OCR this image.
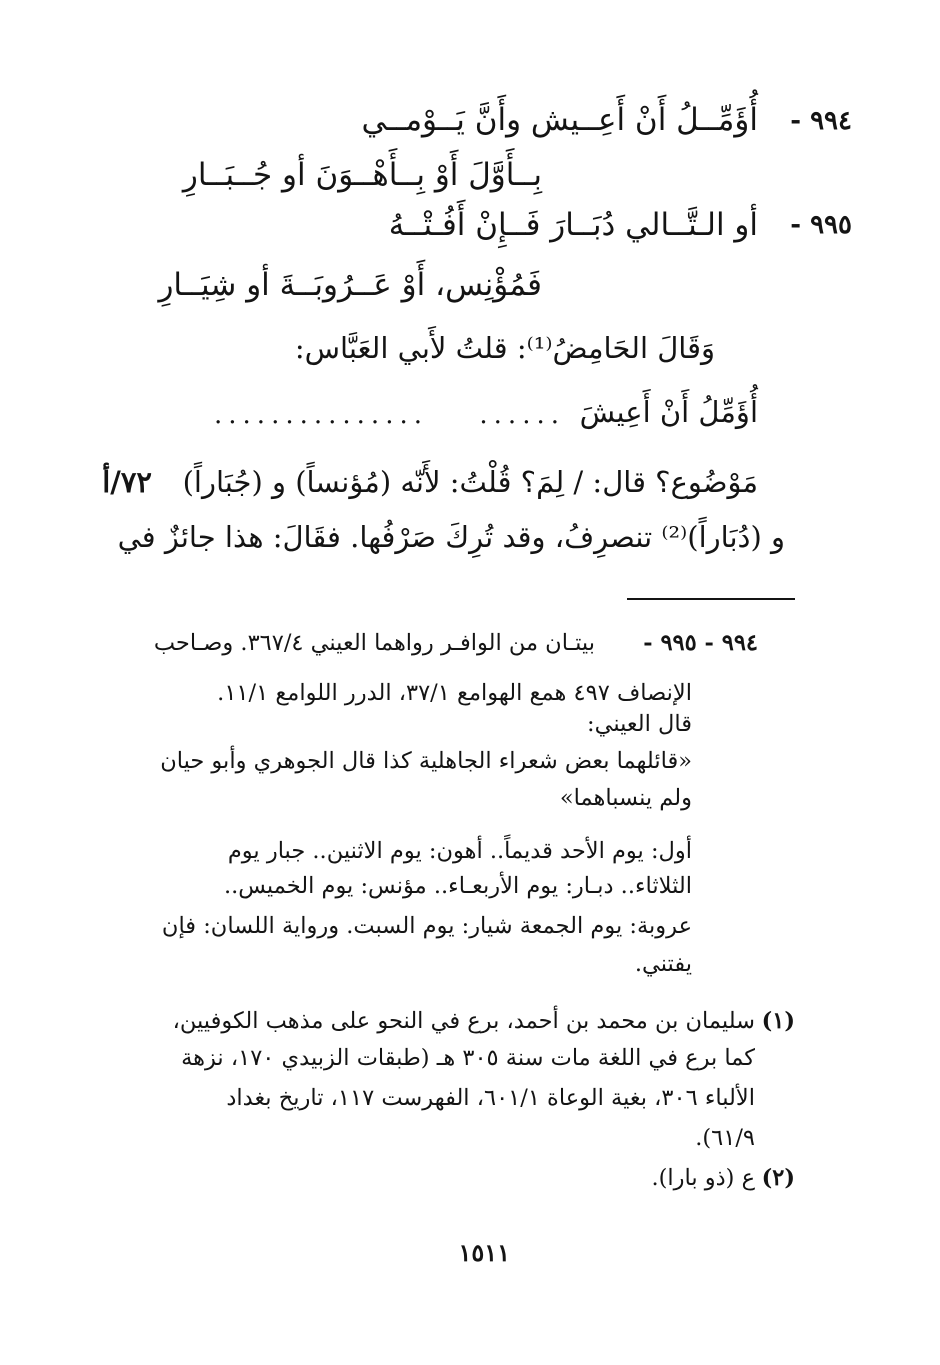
٩٩٤ -
أُؤَمِّــلُ أَنْ أَعِــيش وأَنَّ يَــوْمــي
بِــأَوَّلَ أَوْ بِــأَهْــوَنَ أو جُــبَــارِ
٩٩٥ -
أو الـتَّــالي دُبَــارَ فَــإِنْ أَفُـتْــهُ
فَمُؤْنِس، أَوْ عَــرُوبَــةَ أو شِيَــارِ
وَقَالَ الحَامِضُ⁽¹⁾: قلتُ لأَبي العَبَّاس:
أُؤَمِّلُ أَنْ أَعِيشَ
......
...............
مَوْضُوع؟ قال: / لِمَ؟ قُلْتُ: لأَنّه (مُؤنساً) و (جُبَاراً)
٧٢/أ
و (دُبَاراً)⁽²⁾ تنصرِفُ، وقد تُرِكَ صَرْفُها. فقَالَ: هذا جائزٌ في
٩٩٤ - ٩٩٥ -
بيتـان من الوافـر رواهما العيني ٣٦٧/٤. وصـاحب
الإنصاف ٤٩٧ همع الهوامع ٣٧/١، الدرر اللوامع ١١/١.
قال العيني:
«قائلهما بعض شعراء الجاهلية كذا قال الجوهري وأبو حيان
ولم ينسباهما»
أول: يوم الأحد قديماً.. أهون: يوم الاثنين.. جبار يوم
الثلاثاء.. دبـار: يوم الأربعـاء.. مؤنس: يوم الخميس..
عروبة: يوم الجمعة شيار: يوم السبت. ورواية اللسان: فإن
يفتني.
(١)
سليمان بن محمد بن أحمد، برع في النحو على مذهب الكوفيين،
كما برع في اللغة مات سنة ٣٠٥ هـ (طبقات الزبيدي ١٧٠، نزهة
الألباء ٣٠٦، بغية الوعاة ٦٠١/١، الفهرست ١١٧، تاريخ بغداد
٦١/٩).
(٢)
ع (ذو بارا).
١٥١١
